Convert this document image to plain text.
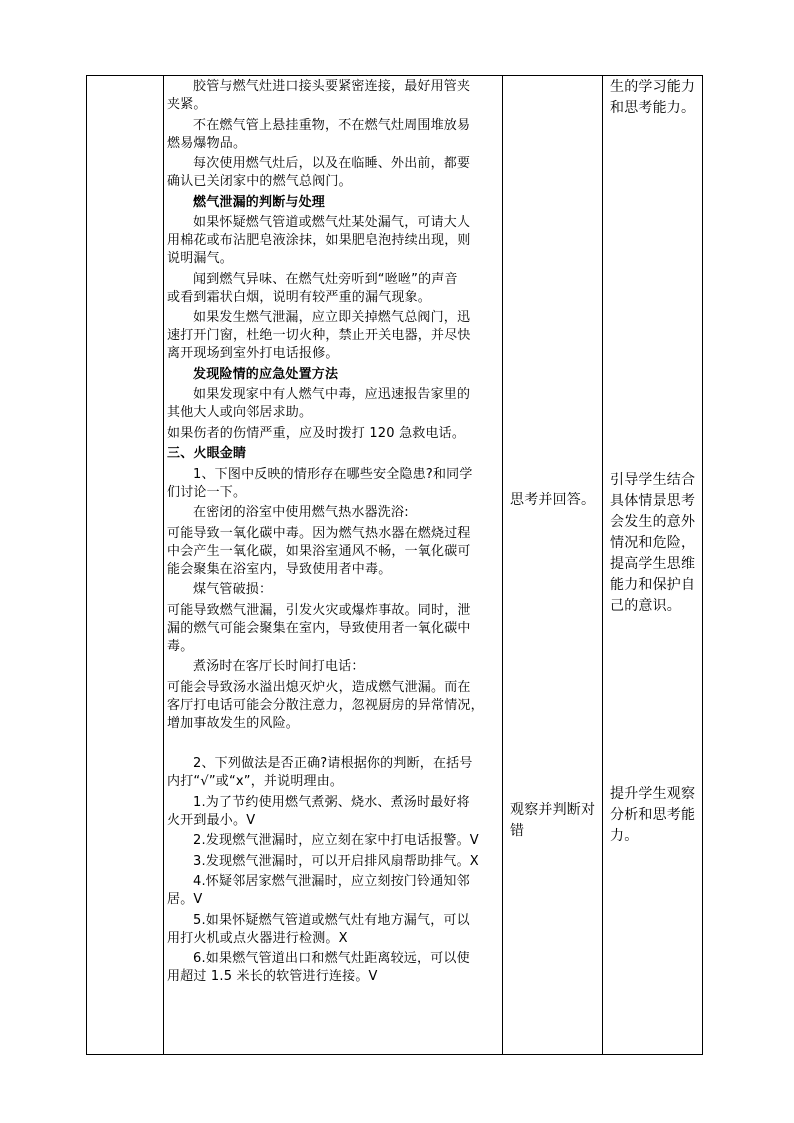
胶管与燃气灶进口接头要紧密连接，最好用管夹
夹紧。
不在燃气管上悬挂重物，不在燃气灶周围堆放易
燃易爆物品。
每次使用燃气灶后，以及在临睡、外出前，都要
确认已关闭家中的燃气总阀门。
燃气泄漏的判断与处理
如果怀疑燃气管道或燃气灶某处漏气，可请大人
用棉花或布沾肥皂液涂抹，如果肥皂泡持续出现，则
说明漏气。
闻到燃气异味、在燃气灶旁听到“咝咝”的声音
或看到霜状白烟，说明有较严重的漏气现象。
如果发生燃气泄漏，应立即关掉燃气总阀门，迅
速打开门窗，杜绝一切火种，禁止开关电器，并尽快
离开现场到室外打电话报修。
发现险情的应急处置方法
如果发现家中有人燃气中毒，应迅速报告家里的
其他大人或向邻居求助。
如果伤者的伤情严重，应及时拨打 120 急救电话。
三、火眼金睛
1、下图中反映的情形存在哪些安全隐患?和同学
们讨论一下。
在密闭的浴室中使用燃气热水器洗浴:
可能导致一氧化碳中毒。因为燃气热水器在燃烧过程
中会产生一氧化碳，如果浴室通风不畅，一氧化碳可
能会聚集在浴室内，导致使用者中毒。
煤气管破损：
可能导致燃气泄漏，引发火灾或爆炸事故。同时，泄
漏的燃气可能会聚集在室内，导致使用者一氧化碳中
毒。
煮汤时在客厅长时间打电话：
可能会导致汤水溢出熄灭炉火，造成燃气泄漏。而在
客厅打电话可能会分散注意力，忽视厨房的异常情况，
增加事故发生的风险。
2、下列做法是否正确?请根据你的判断，在括号
内打“√”或“x”，并说明理由。
1.为了节约使用燃气煮粥、烧水、煮汤时最好将
火开到最小。V
2.发现燃气泄漏时，应立刻在家中打电话报警。V
3.发现燃气泄漏时，可以开启排风扇帮助排气。X
4.怀疑邻居家燃气泄漏时，应立刻按门铃通知邻
居。V
5.如果怀疑燃气管道或燃气灶有地方漏气，可以
用打火机或点火器进行检测。X
6.如果燃气管道出口和燃气灶距离较远，可以使
用超过 1.5 米长的软管进行连接。V
思考并回答。
观察并判断对
错
生的学习能力
和思考能力。
引导学生结合
具体情景思考
会发生的意外
情况和危险，
提高学生思维
能力和保护自
己的意识。
提升学生观察
分析和思考能
力。
